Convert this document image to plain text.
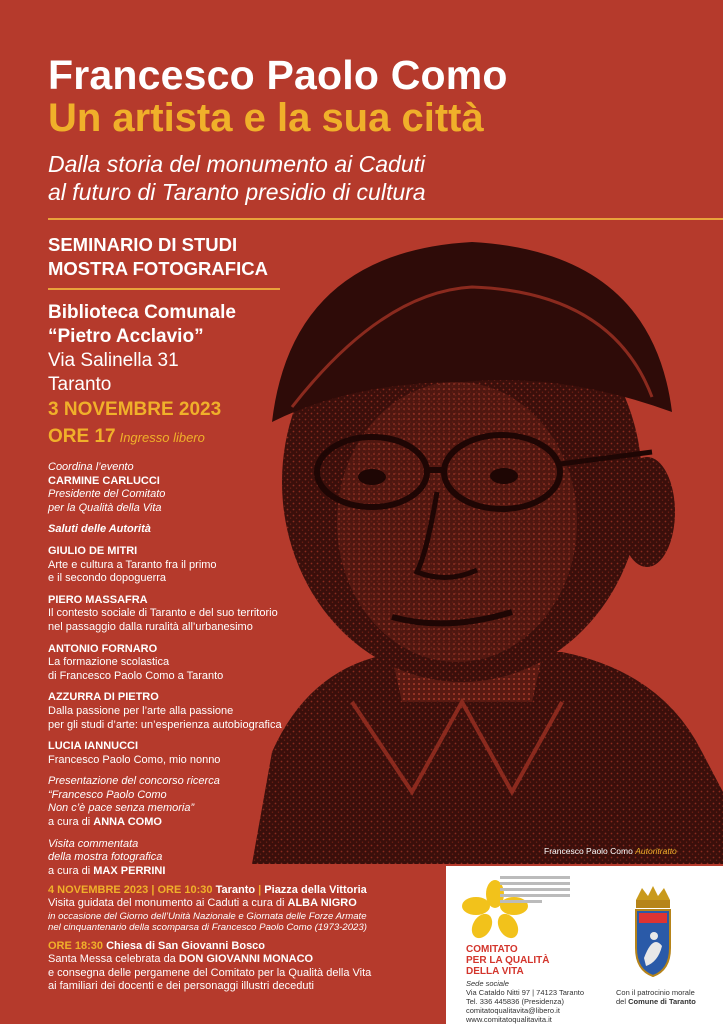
Francesco Paolo Como
Un artista e la sua città
Dalla storia del monumento ai Caduti
al futuro di Taranto presidio di cultura
SEMINARIO DI STUDI
MOSTRA FOTOGRAFICA
Francesco Paolo Como Autoritratto
Biblioteca Comunale
“Pietro Acclavio”
Via Salinella 31
Taranto
3 NOVEMBRE 2023
ORE 17 Ingresso libero
Coordina l’evento
CARMINE CARLUCCI
Presidente del Comitato
per la Qualità della Vita
Saluti delle Autorità
GIULIO DE MITRI
Arte e cultura a Taranto fra il primo
e il secondo dopoguerra
PIERO MASSAFRA
Il contesto sociale di Taranto e del suo territorio
nel passaggio dalla ruralità all’urbanesimo
ANTONIO FORNARO
La formazione scolastica
di Francesco Paolo Como a Taranto
AZZURRA DI PIETRO
Dalla passione per l’arte alla passione
per gli studi d’arte: un’esperienza autobiografica
LUCIA IANNUCCI
Francesco Paolo Como, mio nonno
Presentazione del concorso ricerca
“Francesco Paolo Como
Non c’è pace senza memoria”
a cura di ANNA COMO
Visita commentata
della mostra fotografica
a cura di MAX PERRINI
4 NOVEMBRE 2023 | ORE 10:30 Taranto | Piazza della Vittoria
Visita guidata del monumento ai Caduti a cura di ALBA NIGRO
in occasione del Giorno dell’Unità Nazionale e Giornata delle Forze Armate
nel cinquantenario della scomparsa di Francesco Paolo Como (1973-2023)
ORE 18:30 Chiesa di San Giovanni Bosco
Santa Messa celebrata da DON GIOVANNI MONACO
e consegna delle pergamene del Comitato per la Qualità della Vita
ai familiari dei docenti e dei personaggi illustri deceduti
COMITATO
PER LA QUALITÀ
DELLA VITA
Sede sociale
Via Cataldo Nitti 97 | 74123 Taranto
Tel. 336 445836 (Presidenza)
comitatoqualitavita@libero.it
www.comitatoqualitavita.it
Con il patrocinio morale
del Comune di Taranto
